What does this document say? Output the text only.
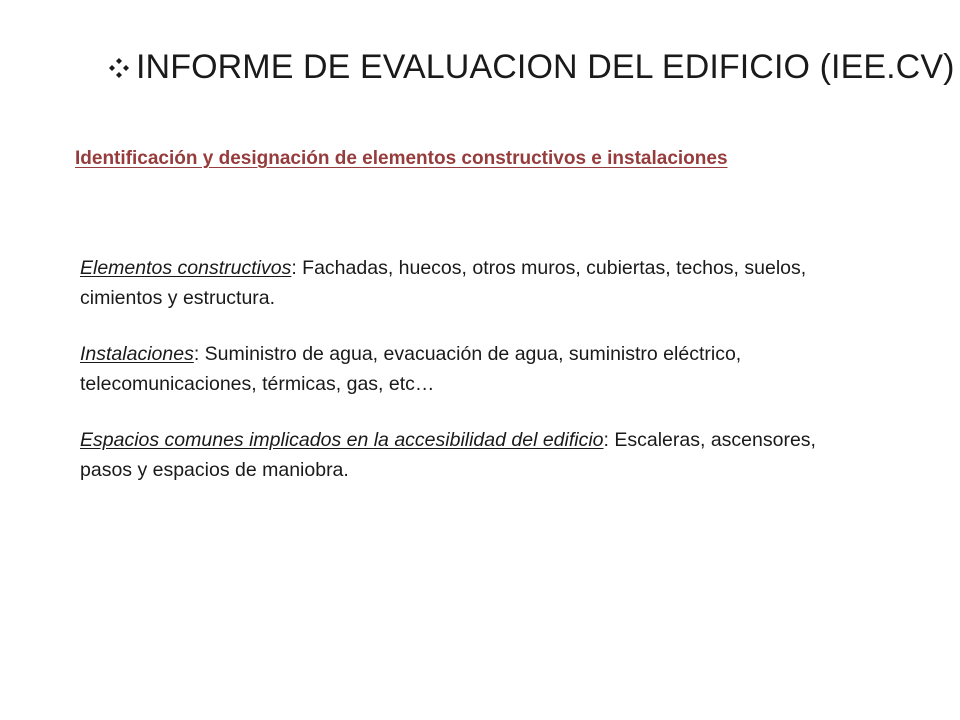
INFORME DE EVALUACION DEL EDIFICIO (IEE.CV)
Identificación y designación de elementos constructivos e instalaciones

Elementos constructivos: Fachadas, huecos, otros muros, cubiertas, techos, suelos, cimientos y estructura.

Instalaciones: Suministro de agua, evacuación de agua, suministro eléctrico, telecomunicaciones, térmicas, gas, etc…

Espacios comunes implicados en la accesibilidad del edificio: Escaleras, ascensores, pasos y espacios de maniobra.
